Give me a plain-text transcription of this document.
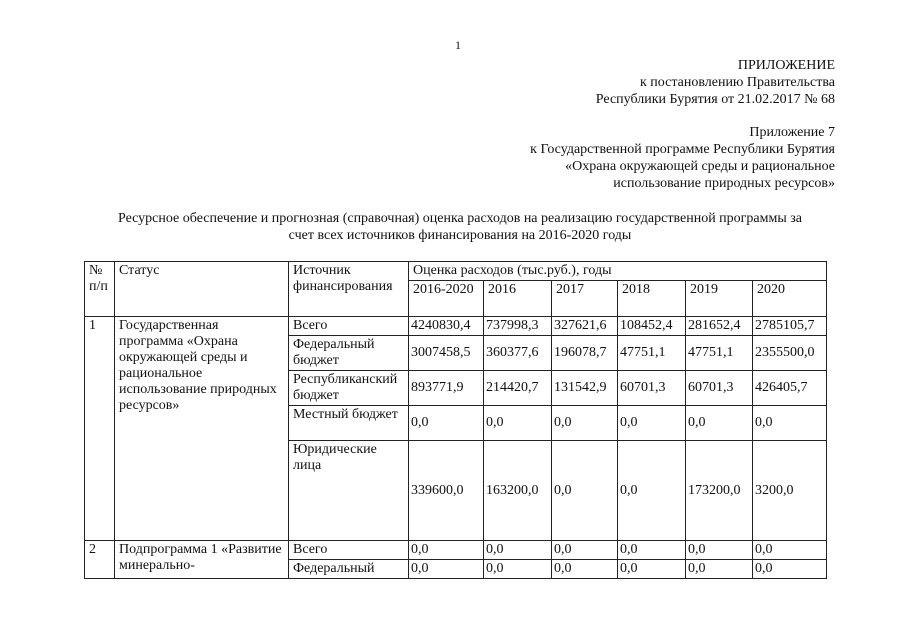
1
ПРИЛОЖЕНИЕ
к постановлению Правительства
Республики Бурятия от 21.02.2017 № 68
Приложение 7
к Государственной программе Республики Бурятия
«Охрана окружающей среды и рациональное
использование природных ресурсов»
Ресурсное обеспечение и прогнозная (справочная) оценка расходов на реализацию государственной программы за
счет всех источников финансирования на 2016-2020 годы
№ п/п	Статус	Источник финансирования	Оценка расходов (тыс.руб.), годы					
			2016-2020	2016	2017	2018	2019	2020
1	Государственная программа «Охрана окружающей среды и рациональное использование природных ресурсов»	Всего	4240830,4	737998,3	327621,6	108452,4	281652,4	2785105,7
		Федеральный бюджет	3007458,5	360377,6	196078,7	47751,1	47751,1	2355500,0
		Республиканский бюджет	893771,9	214420,7	131542,9	60701,3	60701,3	426405,7
		Местный бюджет	0,0	0,0	0,0	0,0	0,0	0,0
		Юридические лица	339600,0	163200,0	0,0	0,0	173200,0	3200,0
2	Подпрограмма 1 «Развитие минерально-	Всего	0,0	0,0	0,0	0,0	0,0	0,0
		Федеральный	0,0	0,0	0,0	0,0	0,0	0,0
